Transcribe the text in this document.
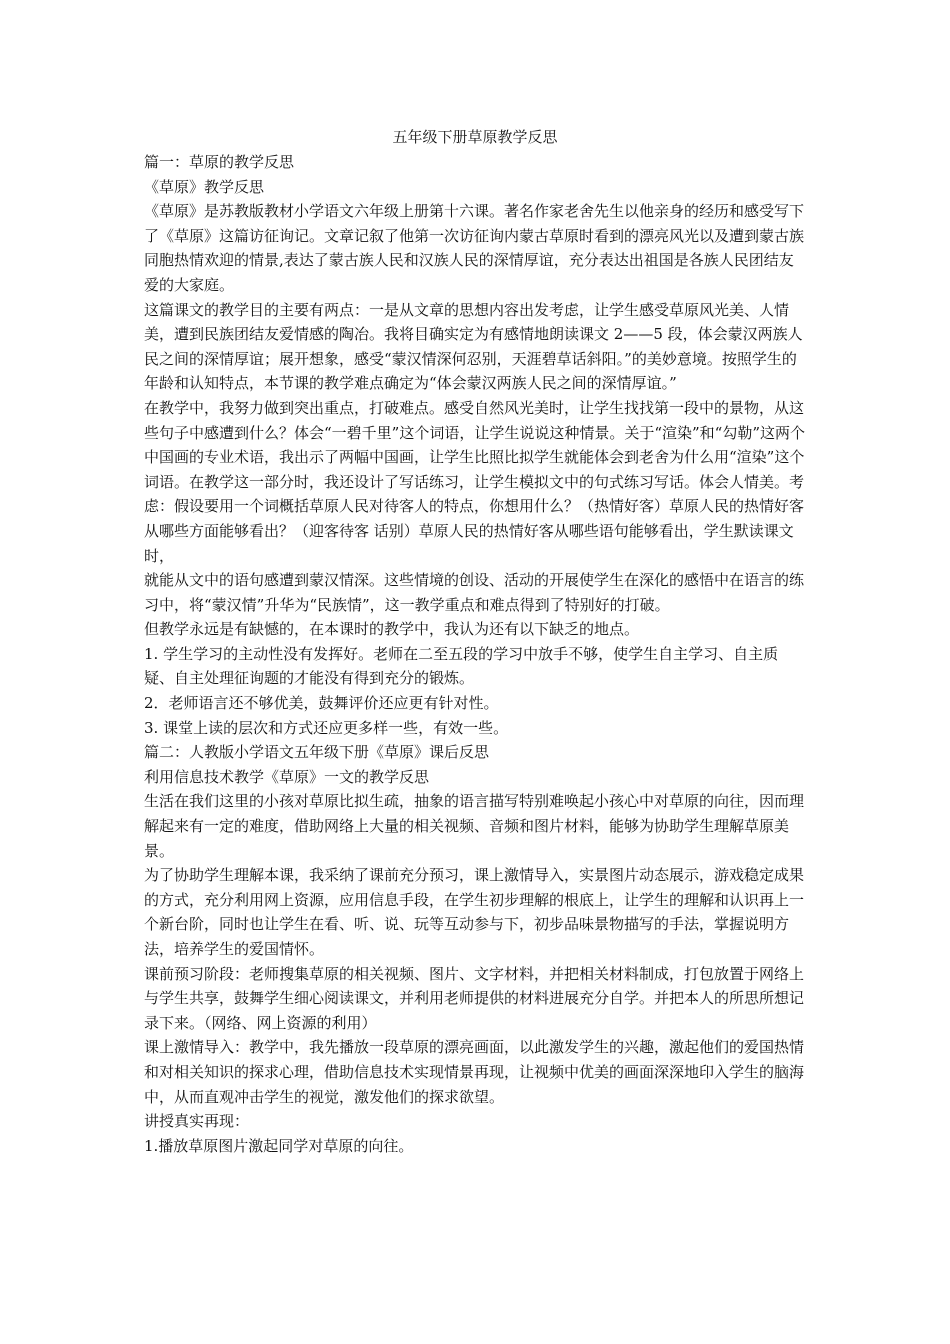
五年级下册草原教学反思

篇一：草原的教学反思

《草原》教学反思

《草原》是苏教版教材小学语文六年级上册第十六课。著名作家老舍先生以他亲身的经历和感受写下了《草原》这篇访征询记。文章记叙了他第一次访征询内蒙古草原时看到的漂亮风光以及遭到蒙古族同胞热情欢迎的情景,表达了蒙古族人民和汉族人民的深情厚谊，充分表达出祖国是各族人民团结友爱的大家庭。

这篇课文的教学目的主要有两点：一是从文章的思想内容出发考虑，让学生感受草原风光美、人情美，遭到民族团结友爱情感的陶冶。我将目确实定为有感情地朗读课文 2——5 段，体会蒙汉两族人民之间的深情厚谊；展开想象，感受“蒙汉情深何忍别，天涯碧草话斜阳。”的美妙意境。按照学生的年龄和认知特点，本节课的教学难点确定为“体会蒙汉两族人民之间的深情厚谊。”

在教学中，我努力做到突出重点，打破难点。感受自然风光美时，让学生找找第一段中的景物，从这些句子中感遭到什么？体会“一碧千里”这个词语，让学生说说这种情景。关于“渲染”和“勾勒”这两个中国画的专业术语，我出示了两幅中国画，让学生比照比拟学生就能体会到老舍为什么用“渲染”这个词语。在教学这一部分时，我还设计了写话练习，让学生模拟文中的句式练习写话。体会人情美。考虑：假设要用一个词概括草原人民对待客人的特点，你想用什么？（热情好客）草原人民的热情好客从哪些方面能够看出？（迎客待客 话别）草原人民的热情好客从哪些语句能够看出，学生默读课文时，

就能从文中的语句感遭到蒙汉情深。这些情境的创设、活动的开展使学生在深化的感悟中在语言的练习中，将“蒙汉情”升华为“民族情”，这一教学重点和难点得到了特别好的打破。

但教学永远是有缺憾的，在本课时的教学中，我认为还有以下缺乏的地点。

1. 学生学习的主动性没有发挥好。老师在二至五段的学习中放手不够，使学生自主学习、自主质疑、自主处理征询题的才能没有得到充分的锻炼。

2．老师语言还不够优美，鼓舞评价还应更有针对性。

3. 课堂上读的层次和方式还应更多样一些，有效一些。

篇二：人教版小学语文五年级下册《草原》课后反思

利用信息技术教学《草原》一文的教学反思

生活在我们这里的小孩对草原比拟生疏，抽象的语言描写特别难唤起小孩心中对草原的向往，因而理解起来有一定的难度，借助网络上大量的相关视频、音频和图片材料，能够为协助学生理解草原美景。

为了协助学生理解本课，我采纳了课前充分预习，课上激情导入，实景图片动态展示，游戏稳定成果的方式，充分利用网上资源，应用信息手段，在学生初步理解的根底上，让学生的理解和认识再上一个新台阶，同时也让学生在看、听、说、玩等互动参与下，初步品味景物描写的手法，掌握说明方法，培养学生的爱国情怀。

课前预习阶段：老师搜集草原的相关视频、图片、文字材料，并把相关材料制成，打包放置于网络上与学生共享，鼓舞学生细心阅读课文，并利用老师提供的材料进展充分自学。并把本人的所思所想记录下来。（网络、网上资源的利用）

课上激情导入：教学中，我先播放一段草原的漂亮画面，以此激发学生的兴趣，激起他们的爱国热情和对相关知识的探求心理，借助信息技术实现情景再现，让视频中优美的画面深深地印入学生的脑海中，从而直观冲击学生的视觉，激发他们的探求欲望。

讲授真实再现：

1.播放草原图片激起同学对草原的向往。
